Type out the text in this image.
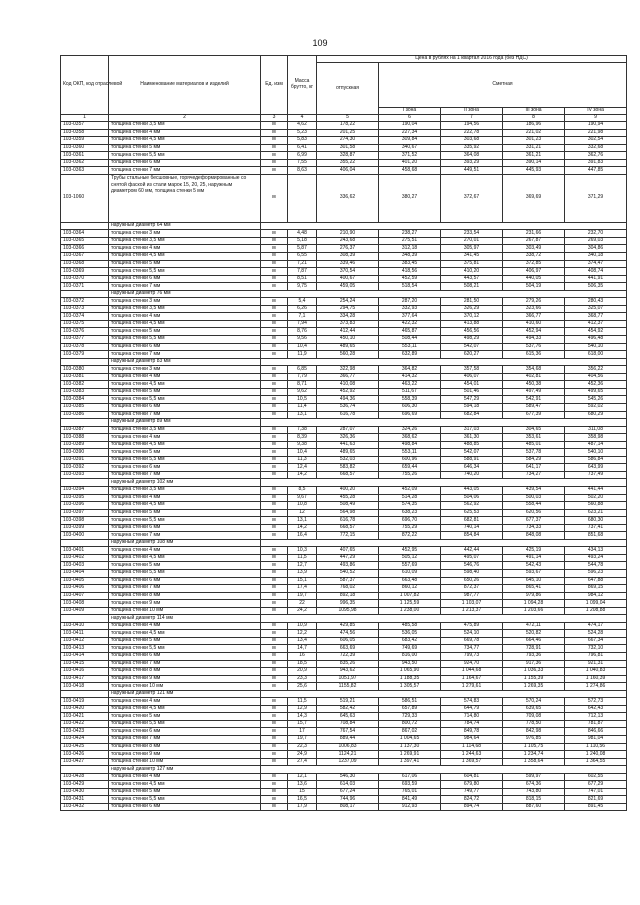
109
Код ОКП, код отраслевой	Наименование материалов и изделий	Ед. изм	Масса брутто, кг	Цена в рублях на 1 квартал 2016 года (без НДС)				
				отпускная	Сметная			
					I зона	II зона	III зона	IV зона
1	2	3	4	5	6	7	8	9
103-0357	толщина стенки 3,5 мм	м	4,62	178,22	190,04	194,56	186,96	190,94
103-0358	толщина стенки 4 мм	м	5,23	201,25	227,34	222,78	221,02	221,98
103-0359	толщина стенки 4,5 мм	м	5,83	274,30	309,84	303,68	301,23	302,54
103-0360	толщина стенки 5 мм	м	6,41	301,58	340,67	335,92	331,21	332,68
103-0361	толщина стенки 5,5 мм	м	6,99	328,87	371,52	364,08	361,21	362,76
103-0362	толщина стенки 6 мм	м	7,55	355,22	401,20	393,29	390,14	391,83
103-0363	толщина стенки 7 мм	м	8,63	406,04	458,68	449,51	445,93	447,85
103-1060	Трубы стальные бесшовные, горячедеформированные со снятой фаской из стали марок 15, 20, 25, наружным диаметром 60 мм, толщина стенки 5 мм	м		336,62	380,27	372,67	369,69	371,29
	наружный диаметр 64 мм							
103-0364	толщина стенки 3 мм	м	4,48	210,90	238,27	233,54	231,66	232,70
103-0365	толщина стенки 3,5 мм	м	5,18	243,68	275,51	270,01	267,87	269,03
103-0366	толщина стенки 4 мм	м	5,87	276,37	312,18	305,97	303,49	304,86
103-0367	толщина стенки 4,5 мм	м	6,55	308,39	348,39	341,45	338,72	340,18
103-0368	толщина стенки 5 мм	м	7,21	339,46	383,45	375,81	372,85	374,47
103-0369	толщина стенки 5,5 мм	м	7,87	370,54	418,56	410,20	406,97	408,74
103-0370	толщина стенки 6 мм	м	8,51	400,67	452,59	443,57	440,05	441,91
103-0371	толщина стенки 7 мм	м	9,75	459,05	518,54	508,21	504,19	506,35
	наружный диаметр 76 мм							
103-0372	толщина стенки 3 мм	м	5,4	254,24	287,20	281,50	279,26	280,43
103-0373	толщина стенки 3,5 мм	м	6,26	294,75	332,93	326,29	323,66	325,07
103-0374	толщина стенки 4 мм	м	7,1	334,28	377,64	370,12	366,77	368,77
103-0375	толщина стенки 4,5 мм	м	7,94	373,83	422,32	413,88	410,60	412,37
103-0376	толщина стенки 5 мм	м	8,76	412,44	465,87	456,56	452,94	454,92
103-0377	толщина стенки 5,5 мм	м	9,56	450,10	508,44	498,29	494,33	496,48
103-0378	толщина стенки 6 мм	м	10,4	489,65	553,11	542,07	537,76	540,10
103-0379	толщина стенки 7 мм	м	11,9	560,28	632,89	620,27	615,36	618,00
	наружный диаметр 83 мм							
103-0380	толщина стенки 3 мм	м	6,85	322,98	364,82	357,58	354,68	356,22
103-0381	толщина стенки 4 мм	м	7,79	366,77	414,32	406,07	402,81	404,56
103-0382	толщина стенки 4,5 мм	м	8,71	410,08	463,22	454,01	450,38	452,36
103-0383	толщина стенки 5 мм	м	9,62	452,92	511,67	501,46	497,49	499,65
103-0384	толщина стенки 5,5 мм	м	10,5	494,36	558,39	547,29	542,91	545,26
103-0385	толщина стенки 6 мм	м	11,4	536,74	606,30	594,18	589,47	592,02
103-0386	толщина стенки 7 мм	м	13,1	616,78	696,69	682,84	677,39	680,29
	наружный диаметр 89 мм							
103-0387	толщина стенки 3,5 мм	м	7,38	287,07	324,26	317,03	304,65	311,08
103-0388	толщина стенки 4 мм	м	8,39	326,36	368,62	361,30	353,61	358,98
103-0389	толщина стенки 4,5 мм	м	9,38	441,63	498,84	488,85	485,01	487,14
103-0390	толщина стенки 5 мм	м	10,4	489,65	553,11	542,07	537,78	540,10
103-0391	толщина стенки 5,5 мм	м	11,3	532,03	600,96	588,91	584,29	586,84
103-0392	толщина стенки 6 мм	м	12,4	583,82	659,44	646,34	641,17	643,99
103-0393	толщина стенки 7 мм	м	14,2	668,57	755,26	740,20	734,27	737,49
	наружный диаметр 102 мм							
103-0394	толщина стенки 3,5 мм	м	8,5	400,20	452,09	443,05	439,54	441,44
103-0395	толщина стенки 4 мм	м	9,67	455,28	514,28	504,06	500,03	502,20
103-0396	толщина стенки 4,5 мм	м	10,8	508,49	574,35	562,92	558,44	560,88
103-0397	толщина стенки 5 мм	м	12	564,98	638,23	625,53	620,56	623,21
103-0398	толщина стенки 5,5 мм	м	13,1	616,78	696,70	682,81	677,37	680,30
103-0399	толщина стенки 6 мм	м	14,2	668,57	755,29	740,14	734,33	737,41
103-0400	толщина стенки 7 мм	м	16,4	772,15	872,22	854,84	848,08	851,68
	наружный диаметр 108 мм							
103-0401	толщина стенки 4 мм	м	10,3	407,65	452,95	442,44	425,19	434,13
103-0402	толщина стенки 4,5 мм	м	11,5	447,29	505,12	495,07	491,14	493,24
103-0403	толщина стенки 5 мм	м	12,7	493,86	557,69	546,76	542,43	544,78
103-0404	толщина стенки 5,5 мм	м	13,9	540,52	610,09	598,40	593,67	596,23
103-0405	толщина стенки 6 мм	м	15,1	587,37	663,48	650,26	645,10	647,88
103-0406	толщина стенки 7 мм	м	17,4	768,02	860,12	872,37	865,41	869,15
103-0407	толщина стенки 8 мм	м	19,7	892,18	1 007,82	987,77	979,86	984,12
103-0408	толщина стенки 9 мм	м	22	996,35	1 125,59	1 103,07	1 094,28	1 099,04
103-0409	толщина стенки 10 мм	м	24,2	1095,98	1 238,00	1 213,37	1 203,66	1 208,88
	наружный диаметр 114 мм							
103-0410	толщина стенки 4 мм	м	10,9	429,85	485,58	475,89	472,11	474,17
103-0411	толщина стенки 4,5 мм	м	12,2	474,56	536,05	524,10	520,82	524,28
103-0412	толщина стенки 5 мм	м	13,4	606,05	683,42	669,78	664,46	667,34
103-0413	толщина стенки 5,5 мм	м	14,7	663,69	749,69	734,77	728,91	732,10
103-0414	толщина стенки 6 мм	м	16	722,39	816,00	799,73	793,36	796,81
103-0415	толщина стенки 7 мм	м	18,5	835,26	943,50	924,70	917,36	921,31
103-0416	толщина стенки 8 мм	м	20,9	943,62	1 065,90	1 044,68	1 036,33	1 040,83
103-0417	толщина стенки 9 мм	м	23,3	1051,97	1 188,35	1 164,67	1 155,39	1 160,39
103-0418	толщина стенки 10 мм	м	25,6	1155,82	1 305,57	1 279,61	1 269,35	1 274,86
	наружный диаметр 121 мм							
103-0419	толщина стенки 4 мм	м	11,5	519,21	586,51	574,83	570,24	572,73
103-0420	толщина стенки 4,5 мм	м	12,9	582,42	657,89	644,79	639,65	642,43
103-0421	толщина стенки 5 мм	м	14,3	645,63	729,33	714,80	709,08	712,13
103-0422	толщина стенки 5,5 мм	м	15,7	708,84	800,72	784,74	778,50	781,87
103-0423	толщина стенки 6 мм	м	17	767,54	867,02	849,78	842,98	846,66
103-0424	толщина стенки 7 мм	м	19,7	889,44	1 004,65	984,64	976,85	981,04
103-0425	толщина стенки 8 мм	м	22,3	1006,83	1 137,30	1 114,68	1 105,75	1 110,56
103-0426	толщина стенки 9 мм	м	24,9	1124,21	1 269,91	1 244,63	1 234,74	1 240,08
103-0427	толщина стенки 10 мм	м	27,4	1237,09	1 397,41	1 369,57	1 358,64	1 364,55
	наружный диаметр 127 мм							
103-0428	толщина стенки 4 мм	м	12,1	546,30	617,06	604,81	599,97	602,55
103-0429	толщина стенки 4,5 мм	м	13,6	614,03	693,59	679,80	674,36	677,29
103-0430	толщина стенки 5 мм	м	15	677,24	765,01	749,77	743,80	747,01
103-0431	толщина стенки 5,5 мм	м	16,5	744,96	841,49	824,72	818,15	821,69
103-0432	толщина стенки 6 мм	м	17,9	808,17	912,93	894,74	887,60	891,45
